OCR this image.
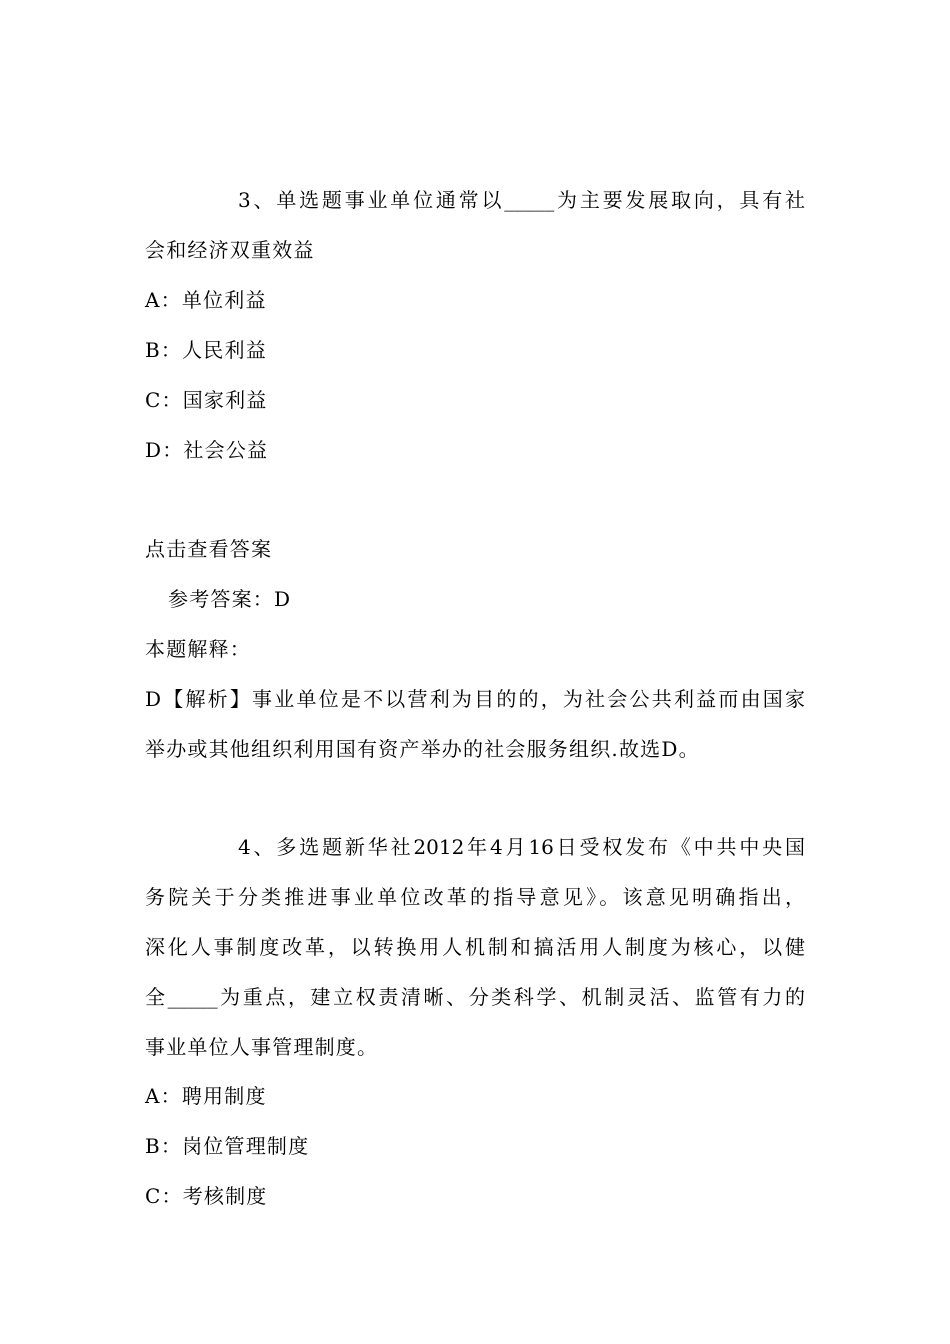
3、单选题事业单位通常以_____为主要发展取向，具有社
会和经济双重效益
A：单位利益
B：人民利益
C：国家利益
D：社会公益
点击查看答案
参考答案：D
本题解释：
D【解析】事业单位是不以营利为目的的，为社会公共利益而由国家
举办或其他组织利用国有资产举办的社会服务组织.故选D。
4、多选题新华社2012年4月16日受权发布《中共中央国
务院关于分类推进事业单位改革的指导意见》。该意见明确指出，
深化人事制度改革，以转换用人机制和搞活用人制度为核心，以健
全_____为重点，建立权责清晰、分类科学、机制灵活、监管有力的
事业单位人事管理制度。
A：聘用制度
B：岗位管理制度
C：考核制度
